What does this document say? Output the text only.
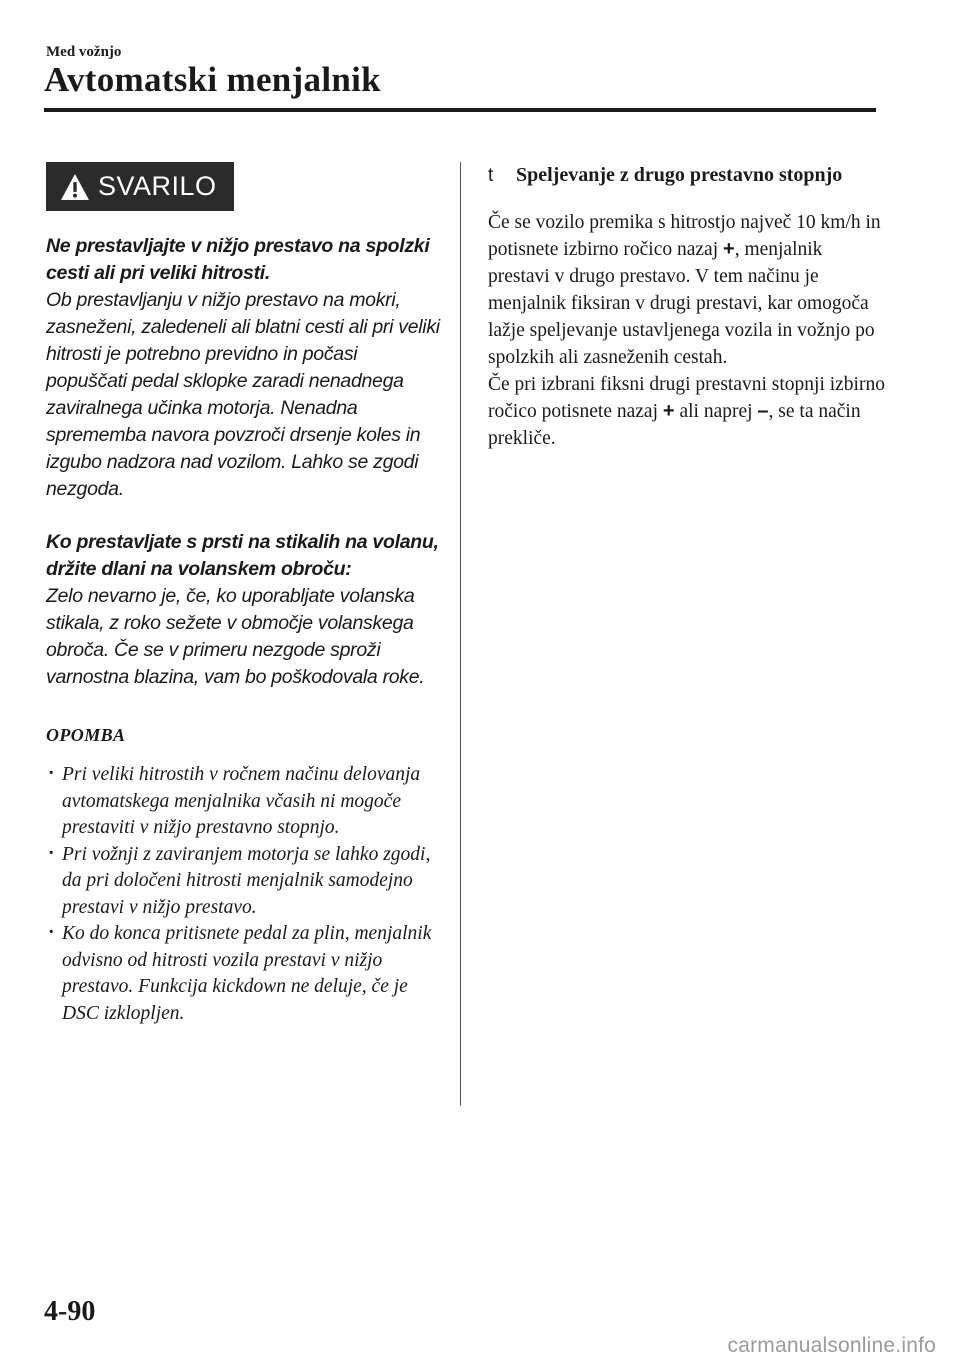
Med vožnjo
Avtomatski menjalnik
SVARILO
Ne prestavljajte v nižjo prestavo na spolzki cesti ali pri veliki hitrosti.
Ob prestavljanju v nižjo prestavo na mokri, zasneženi, zaledeneli ali blatni cesti ali pri veliki hitrosti je potrebno previdno in počasi popuščati pedal sklopke zaradi nenadnega zaviralnega učinka motorja. Nenadna sprememba navora povzroči drsenje koles in izgubo nadzora nad vozilom. Lahko se zgodi nezgoda.
Ko prestavljate s prsti na stikalih na volanu, držite dlani na volanskem obroču:
Zelo nevarno je, če, ko uporabljate volanska stikala, z roko sežete v območje volanskega obroča. Če se v primeru nezgode sproži varnostna blazina, vam bo poškodovala roke.
OPOMBA
· Pri veliki hitrostih v ročnem načinu delovanja avtomatskega menjalnika včasih ni mogoče prestaviti v nižjo prestavno stopnjo.
· Pri vožnji z zaviranjem motorja se lahko zgodi, da pri določeni hitrosti menjalnik samodejno prestavi v nižjo prestavo.
· Ko do konca pritisnete pedal za plin, menjalnik odvisno od hitrosti vozila prestavi v nižjo prestavo. Funkcija kickdown ne deluje, če je DSC izklopljen.
t Speljevanje z drugo prestavno stopnjo
Če se vozilo premika s hitrostjo največ 10 km/h in potisnete izbirno ročico nazaj +, menjalnik prestavi v drugo prestavo. V tem načinu je menjalnik fiksiran v drugi prestavi, kar omogoča lažje speljevanje ustavljenega vozila in vožnjo po spolzkih ali zasneženih cestah.
Če pri izbrani fiksni drugi prestavni stopnji izbirno ročico potisnete nazaj + ali naprej –, se ta način prekliče.
4-90
carmanualsonline.info
